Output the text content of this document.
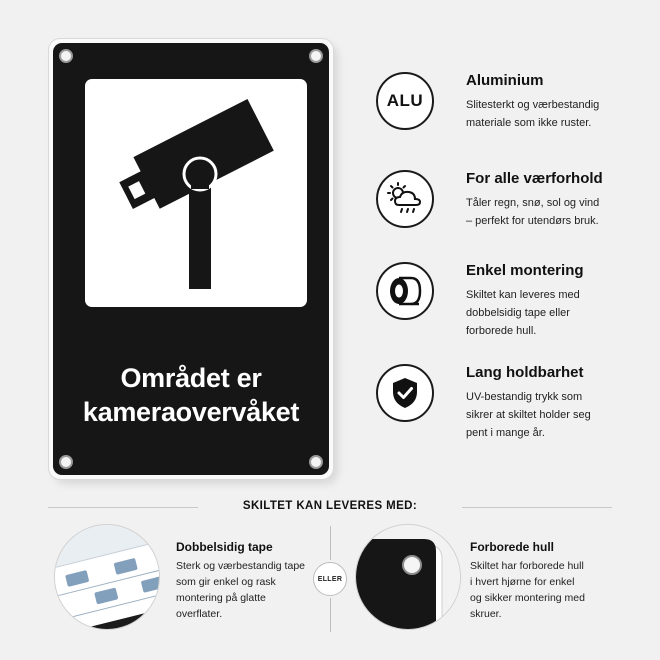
Området er
kameraovervåket
ALU
Aluminium
Slitesterkt og værbestandig
materiale som ikke ruster.
For alle værforhold
Tåler regn, snø, sol og vind
– perfekt for utendørs bruk.
Enkel montering
Skiltet kan leveres med
dobbelsidig tape eller
forborede hull.
Lang holdbarhet
UV-bestandig trykk som
sikrer at skiltet holder seg
pent i mange år.
SKILTET KAN LEVERES MED:
Dobbelsidig tape
Sterk og værbestandig tape
som gir enkel og rask
montering på glatte
overflater.
ELLER
Forborede hull
Skiltet har forborede hull
i hvert hjørne for enkel
og sikker montering med
skruer.
